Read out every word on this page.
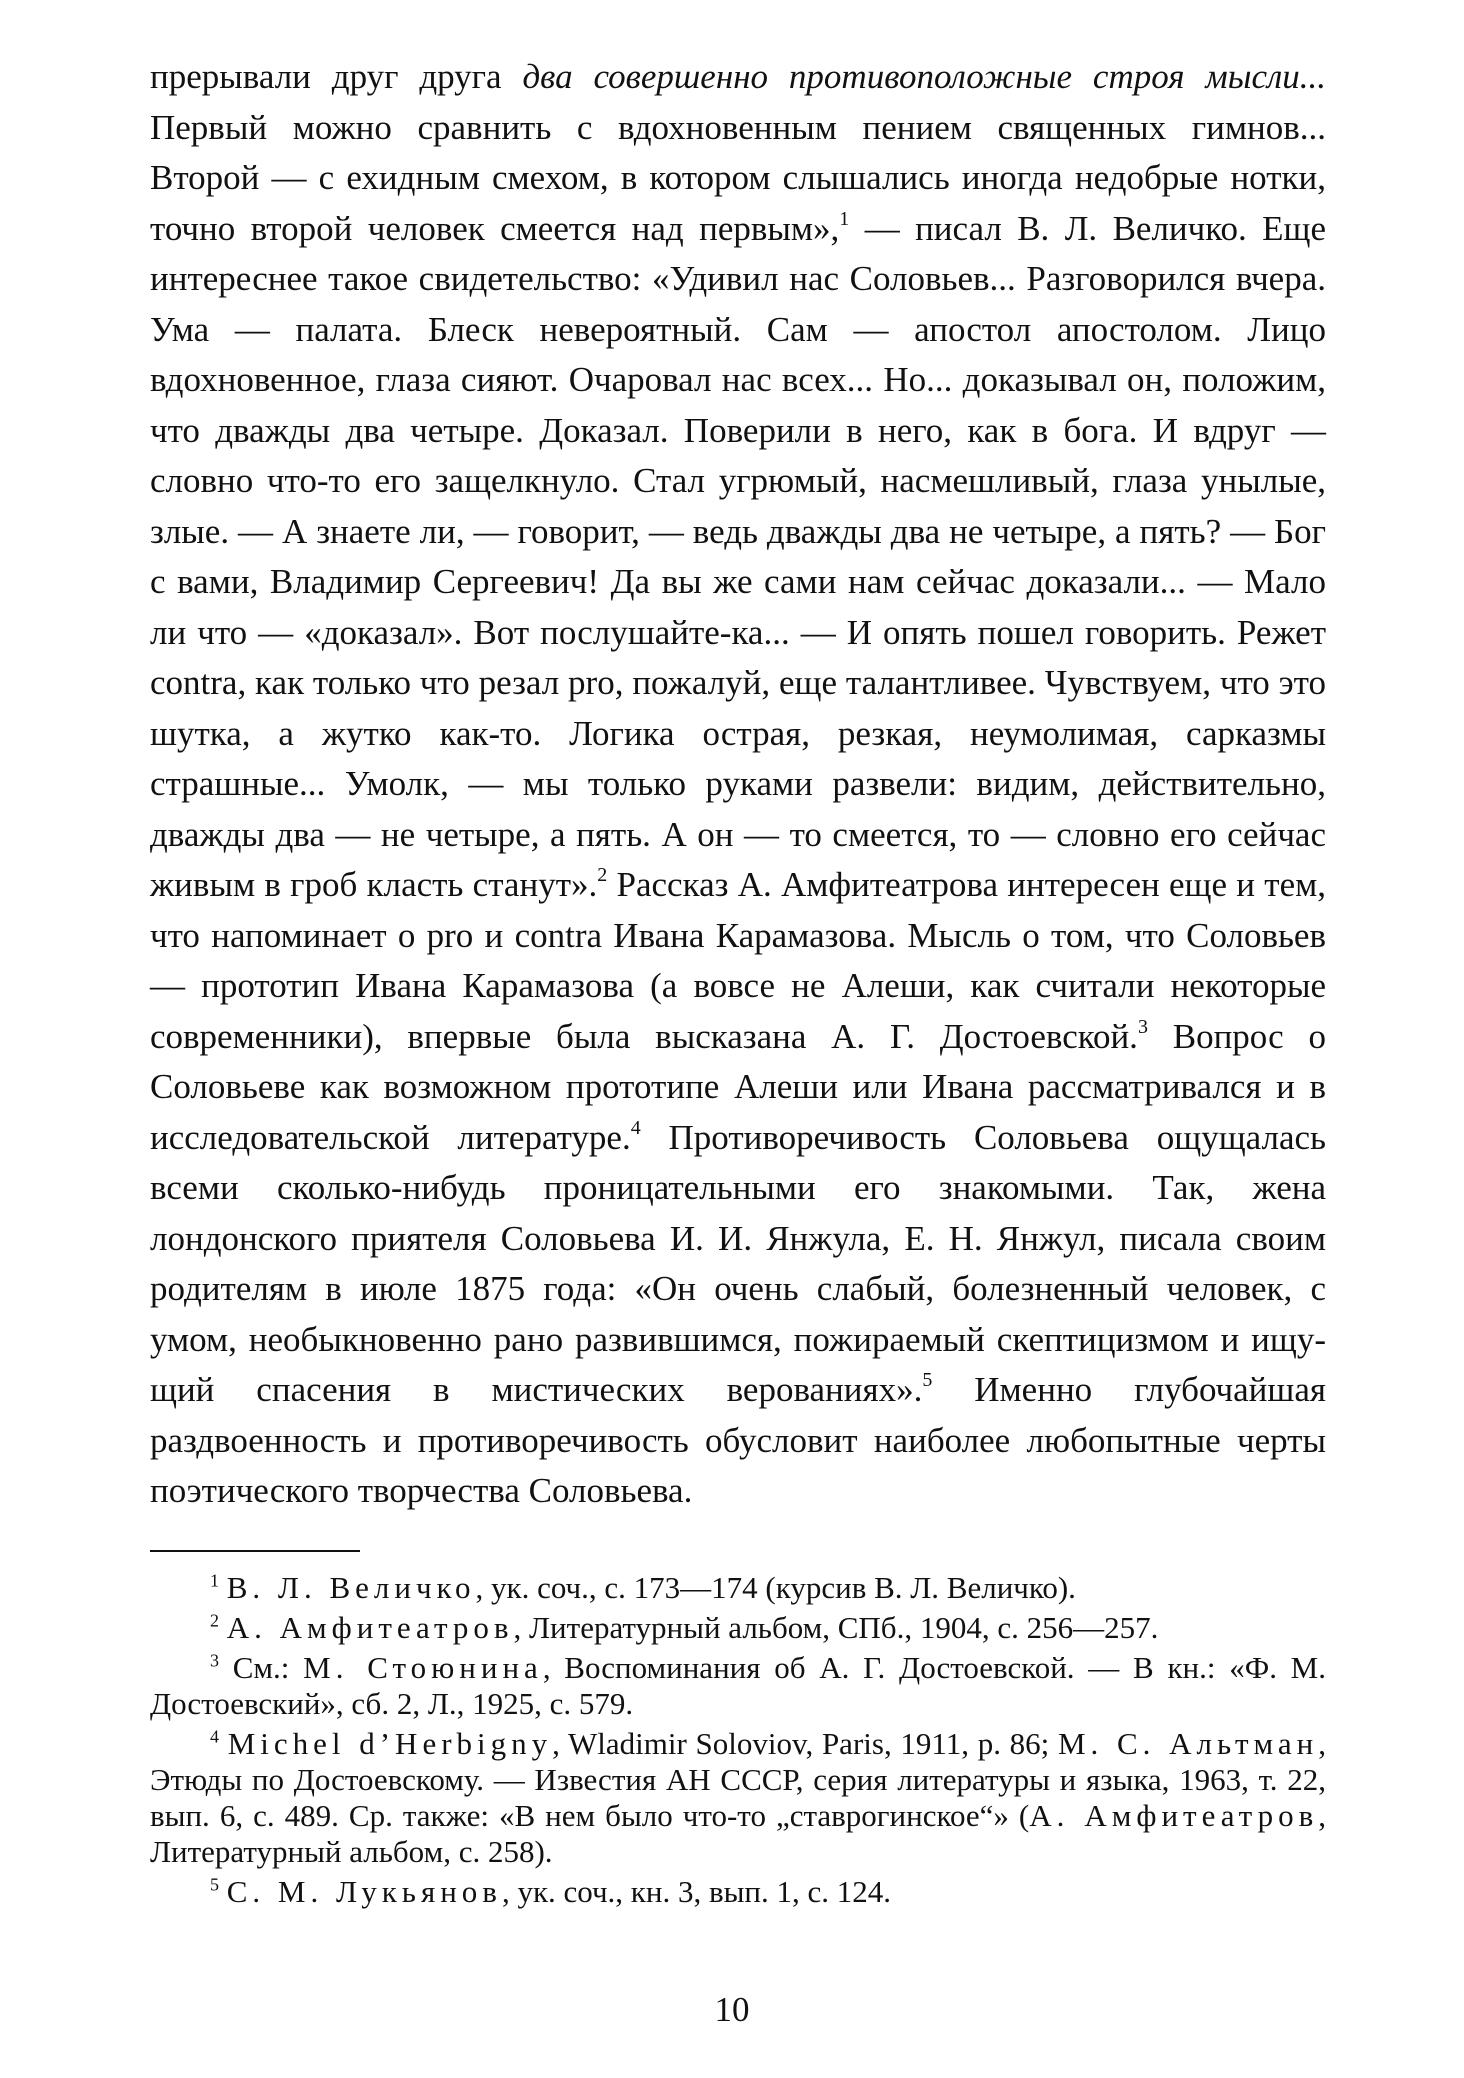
прерывали друг друга два совершенно противоположные строя мысли... Первый можно сравнить с вдохновенным пением священных гимнов... Второй — с ехидным смехом, в котором слышались иногда недобрые нотки, точно второй человек смеется над первым»,$^1$ — писал В. Л. Величко. Еще интереснее такое свидетельство: «Удивил нас Соловьев... Разговорился вчера. Ума — палата. Блеск невероятный. Сам — апостол апостолом. Лицо вдохновенное, глаза сияют. Очаровал нас всех... Но... доказывал он, положим, что дважды два четыре. Доказал. Поверили в него, как в бога. И вдруг — словно что-то его защелкнуло. Стал угрюмый, насмешливый, глаза унылые, злые. — А знаете ли, — говорит, — ведь дважды два не четыре, а пять? — Бог с вами, Владимир Сергеевич! Да вы же сами нам сейчас доказали... — Мало ли что — «доказал». Вот послушайте-ка... — И опять пошел говорить. Режет contra, как только что резал pro, пожалуй, еще талантливее. Чувствуем, что это шутка, а жутко как-то. Логика острая, резкая, неумолимая, сарказмы страшные... Умолк, — мы только руками развели: видим, действительно, дважды два — не четыре, а пять. А он — то смеется, то — словно его сейчас живым в гроб класть станут».$^2$ Рассказ А. Амфитеатрова интересен еще и тем, что напоминает о pro и contra Ивана Карамазова. Мысль о том, что Соловьев — прототип Ивана Карамазова (а вовсе не Алеши, как считали некоторые современники), впервые была высказана А. Г. Достоевской.$^3$ Вопрос о Соловьеве как возможном прототипе Алеши или Ивана рассматривался и в исследовательской литературе.$^4$ Противоречивость Соловьева ощущалась всеми сколько-нибудь проницательными его знакомыми. Так, жена лондонского приятеля Соловьева И. И. Янжула, Е. Н. Янжул, писала своим родителям в июле 1875 года: «Он очень слабый, болезненный человек, с умом, необыкновенно рано развившимся, пожираемый скептицизмом и ищущий спасения в мистических верованиях».$^5$ Именно глубочайшая раздвоенность и противоречивость обусловит наиболее любопытные черты поэтического творчества Соловьева.

$^1$ В. Л. Величко, ук. соч., с. 173—174 (курсив В. Л. Величко).

$^2$ А. Амфитеатров, Литературный альбом, СПб., 1904, с. 256—257.

$^3$ См.: М. Стоюнина, Воспоминания об А. Г. Достоевской. — В кн.: «Ф. М. Достоевский», сб. 2, Л., 1925, с. 579.

$^4$ Michel d’Herbigny, Wladimir Soloviov, Paris, 1911, p. 86; М. С. Альтман, Этюды по Достоевскому. — Известия АН СССР, серия литературы и языка, 1963, т. 22, вып. 6, с. 489. Ср. также: «В нем было что-то „ставрогинское“» (А. Амфитеатров, Литературный альбом, с. 258).

$^5$ С. М. Лукьянов, ук. соч., кн. 3, вып. 1, с. 124.

10
